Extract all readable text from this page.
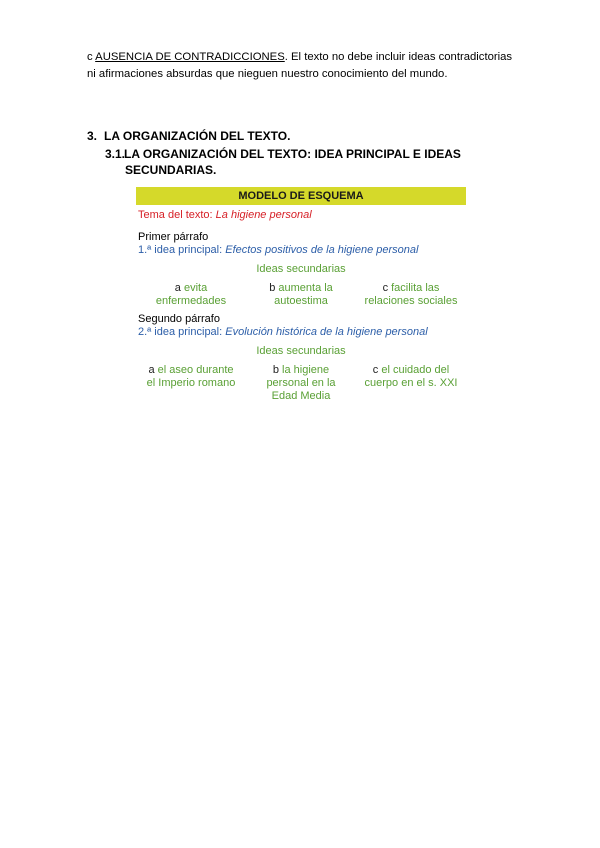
c AUSENCIA DE CONTRADICCIONES. El texto no debe incluir ideas contradictorias ni afirmaciones absurdas que nieguen nuestro conocimiento del mundo.
3. LA ORGANIZACIÓN DEL TEXTO.
3.1.LA ORGANIZACIÓN DEL TEXTO: IDEA PRINCIPAL E IDEAS
SECUNDARIAS.
MODELO DE ESQUEMA
Tema del texto: La higiene personal
Primer párrafo
1.ª idea principal: Efectos positivos de la higiene personal
Ideas secundarias
a evita
enfermedades
b aumenta la
autoestima
c facilita las
relaciones sociales
Segundo párrafo
2.ª idea principal: Evolución histórica de la higiene personal
Ideas secundarias
a el aseo durante
el Imperio romano
b la higiene
personal en la
Edad Media
c el cuidado del
cuerpo en el s. XXI
